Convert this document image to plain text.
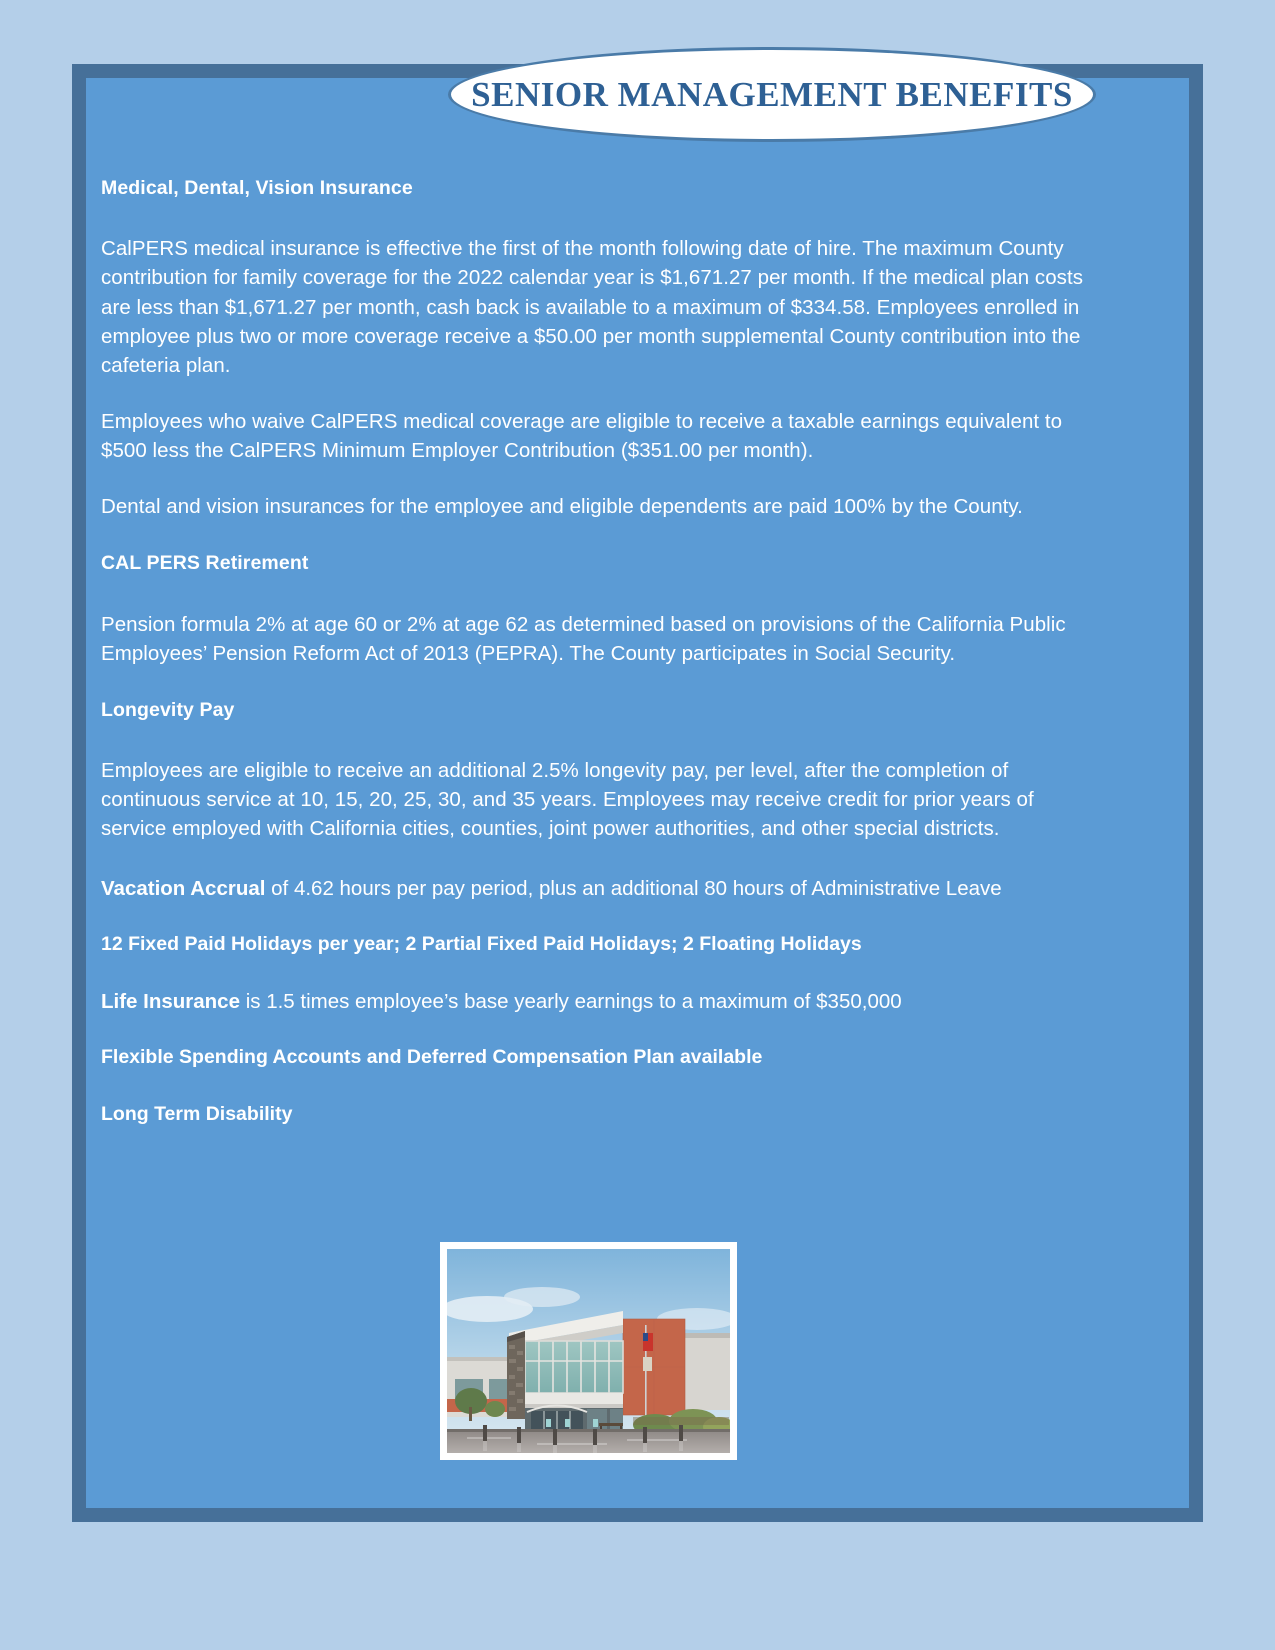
SENIOR MANAGEMENT BENEFITS

Medical, Dental, Vision Insurance

CalPERS medical insurance is effective the first of the month following date of hire. The maximum County contribution for family coverage for the 2022 calendar year is $1,671.27 per month. If the medical plan costs are less than $1,671.27 per month, cash back is available to a maximum of $334.58. Employees enrolled in employee plus two or more coverage receive a $50.00 per month supplemental County contribution into the cafeteria plan.

Employees who waive CalPERS medical coverage are eligible to receive a taxable earnings equivalent to $500 less the CalPERS Minimum Employer Contribution ($351.00 per month).

Dental and vision insurances for the employee and eligible dependents are paid 100% by the County.

CAL PERS Retirement

Pension formula 2% at age 60 or 2% at age 62 as determined based on provisions of the California Public Employees’ Pension Reform Act of 2013 (PEPRA). The County participates in Social Security.

Longevity Pay

Employees are eligible to receive an additional 2.5% longevity pay, per level, after the completion of continuous service at 10, 15, 20, 25, 30, and 35 years. Employees may receive credit for prior years of service employed with California cities, counties, joint power authorities, and other special districts.

Vacation Accrual of 4.62 hours per pay period, plus an additional 80 hours of Administrative Leave

12 Fixed Paid Holidays per year; 2 Partial Fixed Paid Holidays; 2 Floating Holidays

Life Insurance is 1.5 times employee’s base yearly earnings to a maximum of $350,000

Flexible Spending Accounts and Deferred Compensation Plan available

Long Term Disability
